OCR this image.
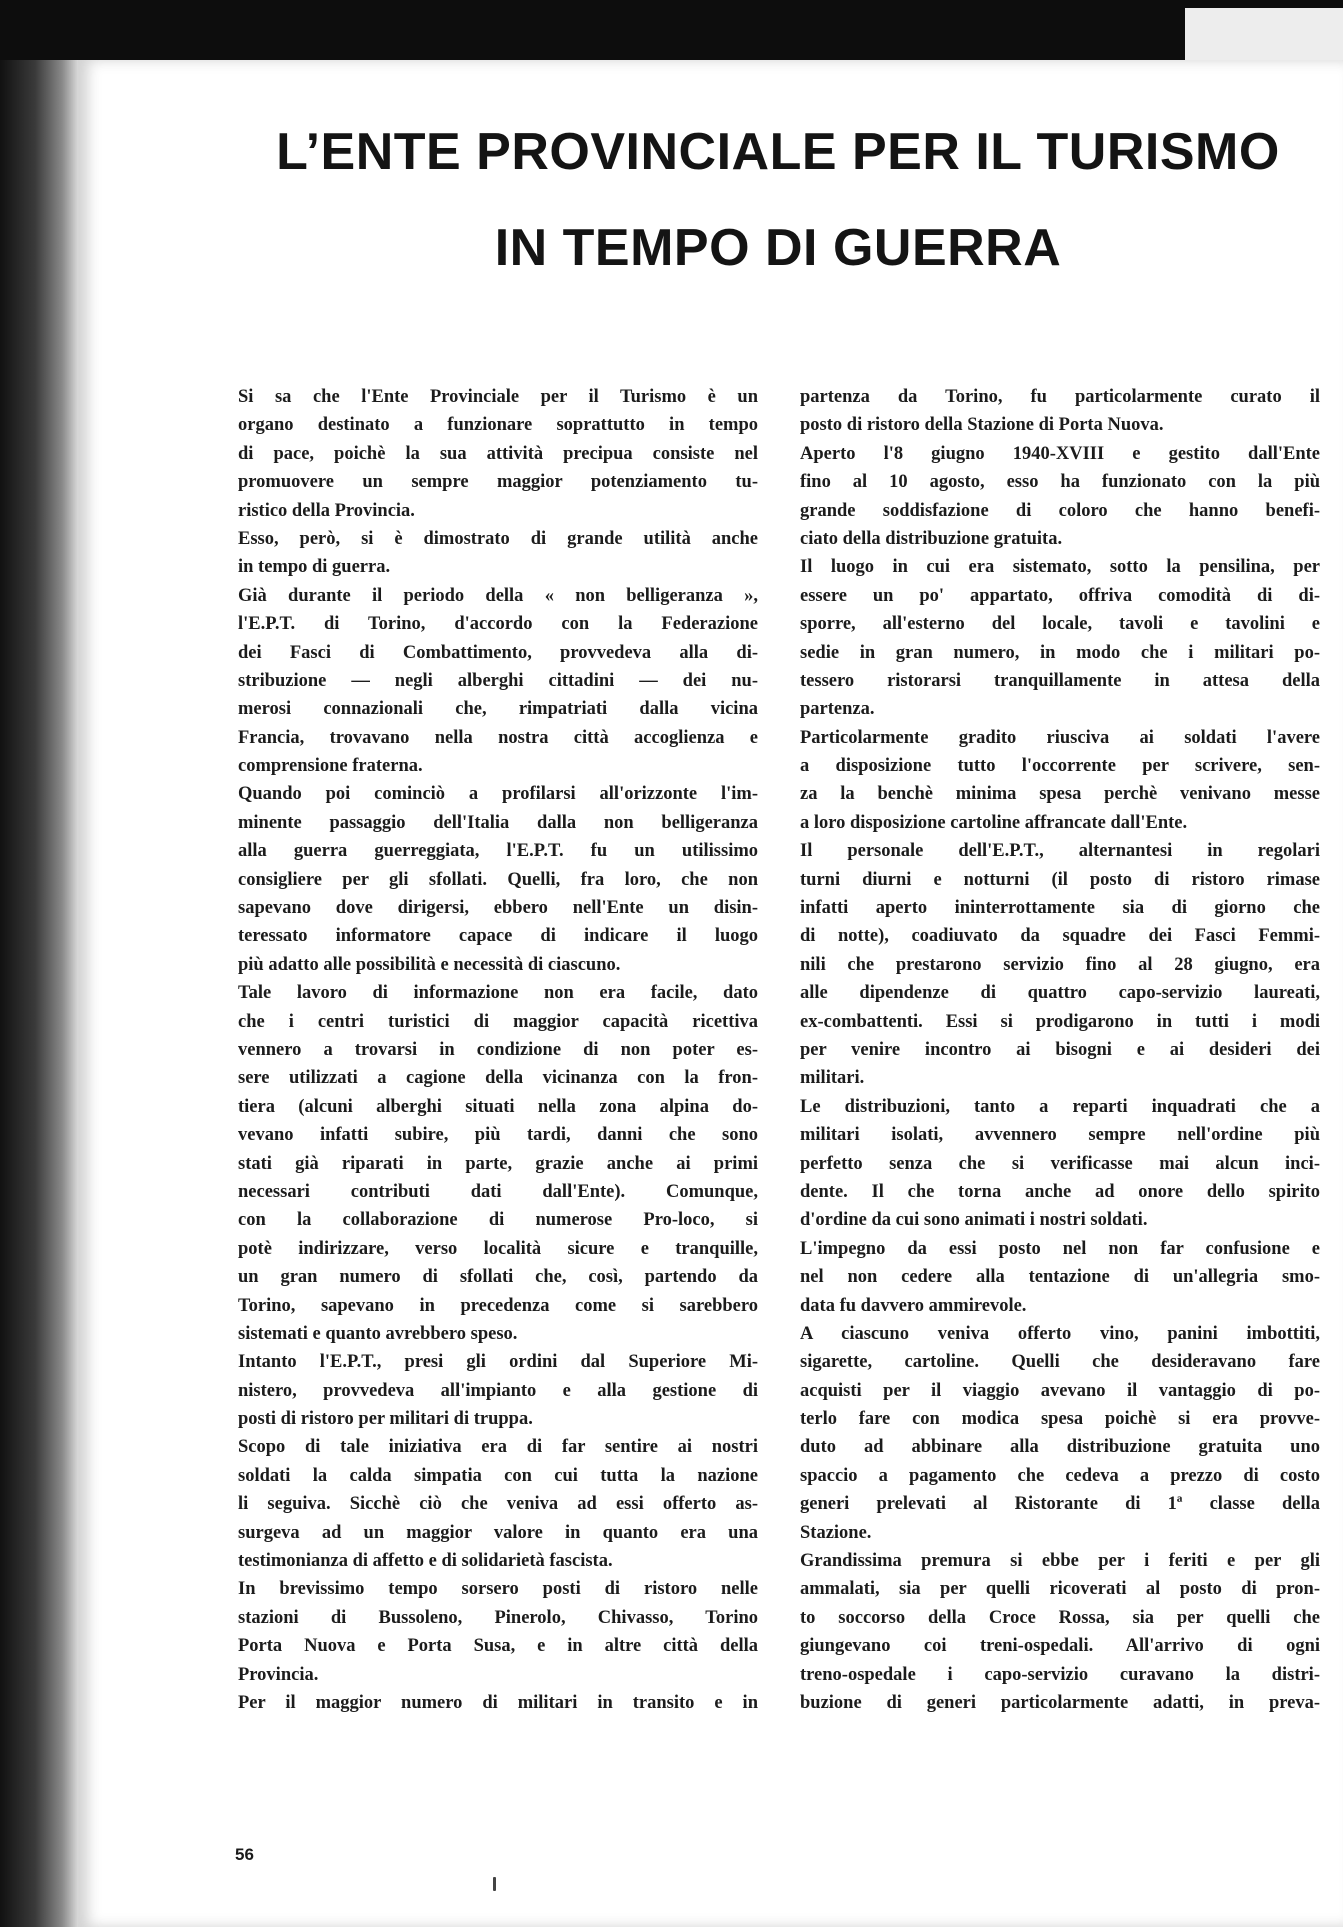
L’ENTE PROVINCIALE PER IL TURISMO
IN TEMPO DI GUERRA
Si sa che l'Ente Provinciale per il Turismo è un
organo destinato a funzionare soprattutto in tempo
di pace, poichè la sua attività precipua consiste nel
promuovere un sempre maggior potenziamento tu-
ristico della Provincia.
Esso, però, si è dimostrato di grande utilità anche
in tempo di guerra.
Già durante il periodo della « non belligeranza »,
l'E.P.T. di Torino, d'accordo con la Federazione
dei Fasci di Combattimento, provvedeva alla di-
stribuzione — negli alberghi cittadini — dei nu-
merosi connazionali che, rimpatriati dalla vicina
Francia, trovavano nella nostra città accoglienza e
comprensione fraterna.
Quando poi cominciò a profilarsi all'orizzonte l'im-
minente passaggio dell'Italia dalla non belligeranza
alla guerra guerreggiata, l'E.P.T. fu un utilissimo
consigliere per gli sfollati. Quelli, fra loro, che non
sapevano dove dirigersi, ebbero nell'Ente un disin-
teressato informatore capace di indicare il luogo
più adatto alle possibilità e necessità di ciascuno.
Tale lavoro di informazione non era facile, dato
che i centri turistici di maggior capacità ricettiva
vennero a trovarsi in condizione di non poter es-
sere utilizzati a cagione della vicinanza con la fron-
tiera (alcuni alberghi situati nella zona alpina do-
vevano infatti subire, più tardi, danni che sono
stati già riparati in parte, grazie anche ai primi
necessari contributi dati dall'Ente). Comunque,
con la collaborazione di numerose Pro-loco, si
potè indirizzare, verso località sicure e tranquille,
un gran numero di sfollati che, così, partendo da
Torino, sapevano in precedenza come si sarebbero
sistemati e quanto avrebbero speso.
Intanto l'E.P.T., presi gli ordini dal Superiore Mi-
nistero, provvedeva all'impianto e alla gestione di
posti di ristoro per militari di truppa.
Scopo di tale iniziativa era di far sentire ai nostri
soldati la calda simpatia con cui tutta la nazione
li seguiva. Sicchè ciò che veniva ad essi offerto as-
surgeva ad un maggior valore in quanto era una
testimonianza di affetto e di solidarietà fascista.
In brevissimo tempo sorsero posti di ristoro nelle
stazioni di Bussoleno, Pinerolo, Chivasso, Torino
Porta Nuova e Porta Susa, e in altre città della
Provincia.
Per il maggior numero di militari in transito e in
partenza da Torino, fu particolarmente curato il
posto di ristoro della Stazione di Porta Nuova.
Aperto l'8 giugno 1940-XVIII e gestito dall'Ente
fino al 10 agosto, esso ha funzionato con la più
grande soddisfazione di coloro che hanno benefi-
ciato della distribuzione gratuita.
Il luogo in cui era sistemato, sotto la pensilina, per
essere un po' appartato, offriva comodità di di-
sporre, all'esterno del locale, tavoli e tavolini e
sedie in gran numero, in modo che i militari po-
tessero ristorarsi tranquillamente in attesa della
partenza.
Particolarmente gradito riusciva ai soldati l'avere
a disposizione tutto l'occorrente per scrivere, sen-
za la benchè minima spesa perchè venivano messe
a loro disposizione cartoline affrancate dall'Ente.
Il personale dell'E.P.T., alternantesi in regolari
turni diurni e notturni (il posto di ristoro rimase
infatti aperto ininterrottamente sia di giorno che
di notte), coadiuvato da squadre dei Fasci Femmi-
nili che prestarono servizio fino al 28 giugno, era
alle dipendenze di quattro capo-servizio laureati,
ex-combattenti. Essi si prodigarono in tutti i modi
per venire incontro ai bisogni e ai desideri dei
militari.
Le distribuzioni, tanto a reparti inquadrati che a
militari isolati, avvennero sempre nell'ordine più
perfetto senza che si verificasse mai alcun inci-
dente. Il che torna anche ad onore dello spirito
d'ordine da cui sono animati i nostri soldati.
L'impegno da essi posto nel non far confusione e
nel non cedere alla tentazione di un'allegria smo-
data fu davvero ammirevole.
A ciascuno veniva offerto vino, panini imbottiti,
sigarette, cartoline. Quelli che desideravano fare
acquisti per il viaggio avevano il vantaggio di po-
terlo fare con modica spesa poichè si era provve-
duto ad abbinare alla distribuzione gratuita uno
spaccio a pagamento che cedeva a prezzo di costo
generi prelevati al Ristorante di 1ª classe della
Stazione.
Grandissima premura si ebbe per i feriti e per gli
ammalati, sia per quelli ricoverati al posto di pron-
to soccorso della Croce Rossa, sia per quelli che
giungevano coi treni-ospedali. All'arrivo di ogni
treno-ospedale i capo-servizio curavano la distri-
buzione di generi particolarmente adatti, in preva-
56
